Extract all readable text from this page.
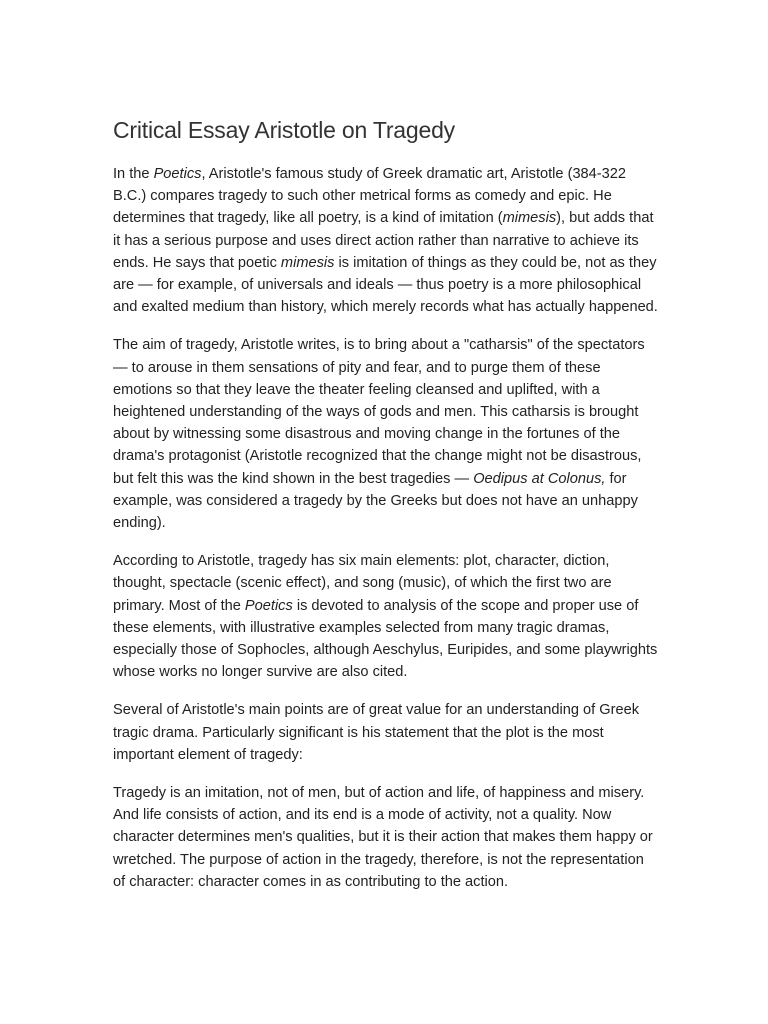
Critical Essay Aristotle on Tragedy

In the Poetics, Aristotle's famous study of Greek dramatic art, Aristotle (384-322 B.C.) compares tragedy to such other metrical forms as comedy and epic. He determines that tragedy, like all poetry, is a kind of imitation (mimesis), but adds that it has a serious purpose and uses direct action rather than narrative to achieve its ends. He says that poetic mimesis is imitation of things as they could be, not as they are — for example, of universals and ideals — thus poetry is a more philosophical and exalted medium than history, which merely records what has actually happened.

The aim of tragedy, Aristotle writes, is to bring about a "catharsis" of the spectators — to arouse in them sensations of pity and fear, and to purge them of these emotions so that they leave the theater feeling cleansed and uplifted, with a heightened understanding of the ways of gods and men. This catharsis is brought about by witnessing some disastrous and moving change in the fortunes of the drama's protagonist (Aristotle recognized that the change might not be disastrous, but felt this was the kind shown in the best tragedies — Oedipus at Colonus, for example, was considered a tragedy by the Greeks but does not have an unhappy ending).

According to Aristotle, tragedy has six main elements: plot, character, diction, thought, spectacle (scenic effect), and song (music), of which the first two are primary. Most of the Poetics is devoted to analysis of the scope and proper use of these elements, with illustrative examples selected from many tragic dramas, especially those of Sophocles, although Aeschylus, Euripides, and some playwrights whose works no longer survive are also cited.

Several of Aristotle's main points are of great value for an understanding of Greek tragic drama. Particularly significant is his statement that the plot is the most important element of tragedy:

Tragedy is an imitation, not of men, but of action and life, of happiness and misery. And life consists of action, and its end is a mode of activity, not a quality. Now character determines men's qualities, but it is their action that makes them happy or wretched. The purpose of action in the tragedy, therefore, is not the representation of character: character comes in as contributing to the action.
